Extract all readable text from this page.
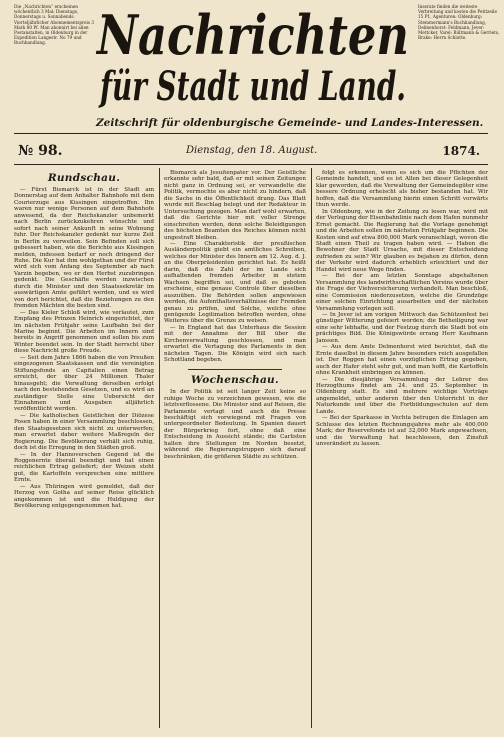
Die „Nachrichten“ erscheinen wöchentlich 3 Mal: Dienstags, Donnerstags u. Sonnabends. Vierteljährlicher Abonnementspreis 3 Mark 80 Pf. Man abonnirt bei allen Postanstalten, in Oldenburg in der Expedition Langestr. No 79 und Buchhandlung.
Inserate finden die weiteste Verbreitung und kosten die Petitzeile 15 Pf., Agenturen: Oldenburg: Stemmermann's Buchhandlung, Delmenhorst: Feldmann, Jever: Mettcker, Varel: Bültmann & Gerriets, Brake: Herrn Schlotte.
Nachrichten
für Stadt und Land.
Zeitschrift für oldenburgische Gemeinde- und Landes-Interessen.
№ 98.	Dienstag, den 18. August.	1874.
Rundschau.

— Fürst Bismarck ist in der Stadt am Donnerstag auf dem Anhalter Bahnhofe mit dem Courierzuge aus Kissingen eingetroffen. Ihn waren nur wenige Personen auf dem Bahnhofe anwesend, da der Reichskanzler unbemerkt nach Berlin zurückzukehren wünschte und sofort nach seiner Ankunft in seine Wohnung fuhr. Der Reichskanzler gedenkt nur kurze Zeit in Berlin zu verweilen. Sein Befinden soll sich gebessert haben, wie die Berichte aus Kissingen melden, indessen bedarf er noch dringend der Ruhe. Die Kur hat ihm wohlgethan und der Fürst wird sich vom Anfang des September ab nach Varzin begeben, wo er den Herbst zuzubringen gedenkt. Die Geschäfte werden inzwischen durch die Minister und den Staatssekretär im auswärtigen Amte geführt werden, und es wird von dort berichtet, daß die Beziehungen zu den fremden Mächten die besten sind.

— Das Kieler Schloß wird, wie verlautet, zum Empfang des Prinzen Heinrich eingerichtet, der im nächsten Frühjahr seine Laufbahn bei der Marine beginnt. Die Arbeiten im Innern sind bereits in Angriff genommen und sollen bis zum Winter beendet sein. In der Stadt herrscht über diese Nachricht große Freude.

— Seit dem Jahre 1866 haben die von Preußen eingezogenen Staatskassen und die vereinigten Stiftungsfonds an Capitalien einen Betrag erreicht, der über 24 Millionen Thaler hinausgeht; die Verwaltung derselben erfolgt nach den bestehenden Gesetzen, und es wird an zuständiger Stelle eine Uebersicht der Einnahmen und Ausgaben alljährlich veröffentlicht werden.

— Die katholischen Geistlichen der Diözese Posen haben in einer Versammlung beschlossen, den Staatsgesetzen sich nicht zu unterwerfen; man erwartet daher weitere Maßregeln der Regierung. Die Bevölkerung verhält sich ruhig, doch ist die Erregung in den Städten groß.

— In der Hannoverschen Gegend ist die Roggenernte überall beendigt und hat einen reichlichen Ertrag geliefert; der Weizen steht gut, die Kartoffeln versprechen eine mittlere Ernte.

— Aus Thüringen wird gemeldet, daß der Herzog von Gotha auf seiner Reise glücklich angekommen ist und die Huldigung der Bevölkerung entgegengenommen hat.

Bismarck als Jesuitenpater vor. Der Geistliche erkannte sehr bald, daß er mit seinen Zeitungen nicht ganz in Ordnung sei, er verwandelte die Politik, vermochte es aber nicht zu hindern, daß die Sache in die Öffentlichkeit drang. Das Blatt wurde mit Beschlag belegt und der Redakteur in Untersuchung gezogen. Man darf wohl erwarten, daß die Gerichte hier mit voller Strenge einschreiten werden, denn solche Beleidigungen des höchsten Beamten des Reiches können nicht ungestraft bleiben.

— Eine Charakteristik der preußischen Ausländerpolitik giebt ein amtliches Schreiben, welches der Minister des Innern am 12. Aug. d. J. an die Oberpräsidenten gerichtet hat. Es heißt darin, daß die Zahl der im Lande sich aufhaltenden fremden Arbeiter in stetem Wachsen begriffen sei, und daß es geboten erscheine, eine genaue Controle über dieselben auszuüben. Die Behörden sollen angewiesen werden, die Aufenthaltsverhältnisse der Fremden genau zu prüfen, und Solche, welche ohne genügende Legitimation betroffen werden, ohne Weiteres über die Grenze zu weisen.

— In England hat das Unterhaus die Session mit der Annahme der Bill über die Kirchenverwaltung geschlossen, und man erwartet die Vertagung des Parlaments in den nächsten Tagen. Die Königin wird sich nach Schottland begeben.

Wochenschau.

In der Politik ist seit langer Zeit keine so ruhige Woche zu verzeichnen gewesen, wie die letztverflossene. Die Minister sind auf Reisen, die Parlamente vertagt und auch die Presse beschäftigt sich vorwiegend mit Fragen von untergeordneter Bedeutung. In Spanien dauert der Bürgerkrieg fort, ohne daß eine Entscheidung in Aussicht stände; die Carlisten halten ihre Stellungen im Norden besetzt, während die Regierungstruppen sich darauf beschränken, die größeren Städte zu schützen.

folgt es erkennen, wenn es sich um die Pflichten der Gemeinde handelt, und es ist Allen bei dieser Gelegenheit klar geworden, daß die Verwaltung der Gemeindegüter eine bessere Ordnung erheischt als bisher bestanden hat. Wir hoffen, daß die Versammlung hierin einen Schritt vorwärts thun werde.

In Oldenburg, wie in der Zeitung zu lesen war, wird mit der Verlegung der Eisenbahnlinie nach dem Hafen nunmehr Ernst gemacht. Die Regierung hat die Vorlage genehmigt und die Arbeiten sollen im nächsten Frühjahr beginnen. Die Kosten sind auf etwa 800,000 Mark veranschlagt, wovon die Stadt einen Theil zu tragen haben wird. — Haben die Bewohner der Stadt Ursache, mit dieser Entscheidung zufrieden zu sein? Wir glauben es bejahen zu dürfen, denn der Verkehr wird dadurch erheblich erleichtert und der Handel wird neue Wege finden.

— Bei der am letzten Sonntage abgehaltenen Versammlung des landwirthschaftlichen Vereins wurde über die Frage der Viehversicherung verhandelt. Man beschloß, eine Commission niederzusetzen, welche die Grundzüge einer solchen Einrichtung ausarbeiten und der nächsten Versammlung vorlegen soll.

— In Jever ist am vorigen Mittwoch das Schützenfest bei günstiger Witterung gefeiert worden; die Betheiligung war eine sehr lebhafte, und der Festzug durch die Stadt bot ein prächtiges Bild. Die Königswürde errang Herr Kaufmann Janssen.

— Aus dem Amte Delmenhorst wird berichtet, daß die Ernte daselbst in diesem Jahre besonders reich ausgefallen ist. Der Roggen hat einen vorzüglichen Ertrag gegeben, auch der Hafer steht sehr gut, und man hofft, die Kartoffeln ohne Krankheit einbringen zu können.

— Die diesjährige Versammlung der Lehrer des Herzogthums findet am 24. und 25. September in Oldenburg statt. Es sind mehrere wichtige Vorträge angemeldet, unter anderen über den Unterricht in der Naturkunde und über die Fortbildungsschulen auf dem Lande.

— Bei der Sparkasse in Vechta betrugen die Einlagen am Schlusse des letzten Rechnungsjahres mehr als 400,000 Mark; der Reservefonds ist auf 32,000 Mark angewachsen, und die Verwaltung hat beschlossen, den Zinsfuß unverändert zu lassen.
